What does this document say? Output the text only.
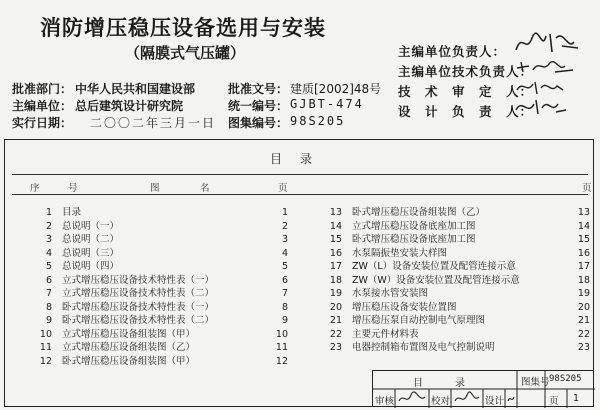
消防增压稳压设备选用与安装
（隔膜式气压罐）
批准部门： 中华人民共和国建设部
主编单位： 总后建筑设计研究院
实行日期： 二〇〇二年三月一日
批准文号： 建质[2002]48号
统一编号： GJBT-474
图集编号： 98S205
主编单位负责人：
主编单位技术负责人：
技　术　审　定　人：
设　计　负　责　人：
目录
序	号	图	名	页	页
1 目录	1
2 总说明（一）	2
3 总说明（二）	3
4 总说明（三）	4
5 总说明（四）	5
6 立式增压稳压设备技术特性表（一）	6
7 立式增压稳压设备技术特性表（二）	7
8 卧式增压稳压设备技术特性表（一）	8
9 卧式增压稳压设备技术特性表（二）	9
10 立式增压稳压设备组装图（甲）	10
11 立式增压稳压设备组装图（乙）	11
12 卧式增压稳压设备组装图（甲）	12
13 卧式增压稳压设备组装图（乙）	13
14 立式增压稳压设备底座加工图	14
15 卧式增压稳压设备底座加工图	15
16 水泵隔振垫安装大样图	16
17 ZW（L）设备安装位置及配管连接示意	17
18 ZW（W）设备安装位置及配管连接示意	18
19 水泵接水管安装图	19
20 增压稳压设备安装位置图	20
21 增压稳压泵自动控制电气原理图	21
22 主要元件材料表	22
23 电器控制箱布置图及电气控制说明	23
目　　录	图集号 98S205
审核	校对	设计	页 1
